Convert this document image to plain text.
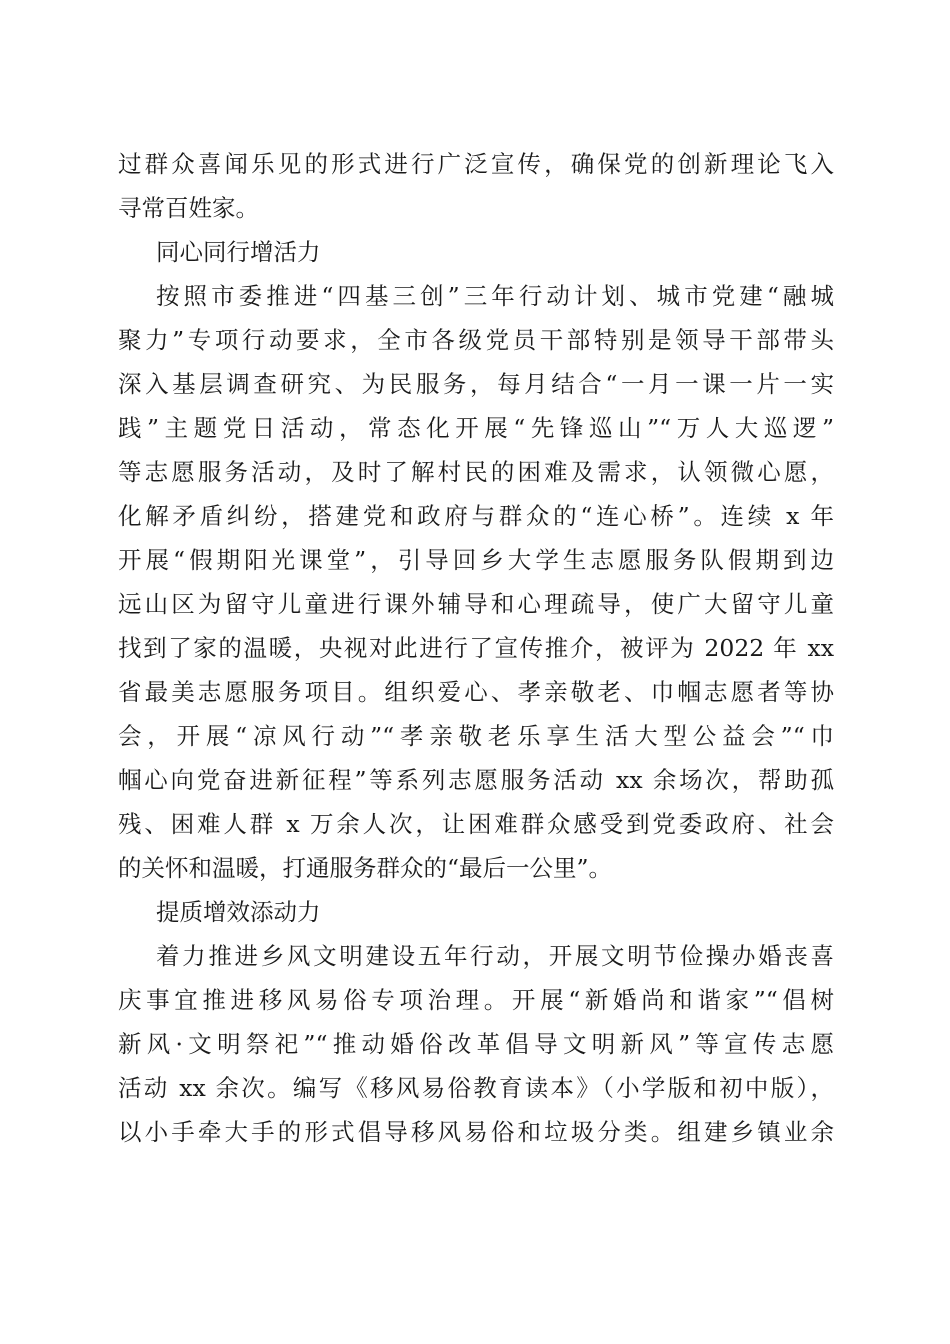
过群众喜闻乐见的形式进行广泛宣传，确保党的创新理论飞入
寻常百姓家。
同心同行增活力
按照市委推进“四基三创”三年行动计划、城市党建“融城
聚力”专项行动要求，全市各级党员干部特别是领导干部带头
深入基层调查研究、为民服务，每月结合“一月一课一片一实
践”主题党日活动，常态化开展“先锋巡山”“万人大巡逻”
等志愿服务活动，及时了解村民的困难及需求，认领微心愿，
化解矛盾纠纷，搭建党和政府与群众的“连心桥”。连续 x 年
开展“假期阳光课堂”，引导回乡大学生志愿服务队假期到边
远山区为留守儿童进行课外辅导和心理疏导，使广大留守儿童
找到了家的温暖，央视对此进行了宣传推介，被评为 2022 年 xx
省最美志愿服务项目。组织爱心、孝亲敬老、巾帼志愿者等协
会，开展“凉风行动”“孝亲敬老乐享生活大型公益会”“巾
帼心向党奋进新征程”等系列志愿服务活动 xx 余场次，帮助孤
残、困难人群 x 万余人次，让困难群众感受到党委政府、社会
的关怀和温暖，打通服务群众的“最后一公里”。
提质增效添动力
着力推进乡风文明建设五年行动，开展文明节俭操办婚丧喜
庆事宜推进移风易俗专项治理。开展“新婚尚和谐家”“倡树
新风·文明祭祀”“推动婚俗改革倡导文明新风”等宣传志愿
活动 xx 余次。编写《移风易俗教育读本》（小学版和初中版），
以小手牵大手的形式倡导移风易俗和垃圾分类。组建乡镇业余
